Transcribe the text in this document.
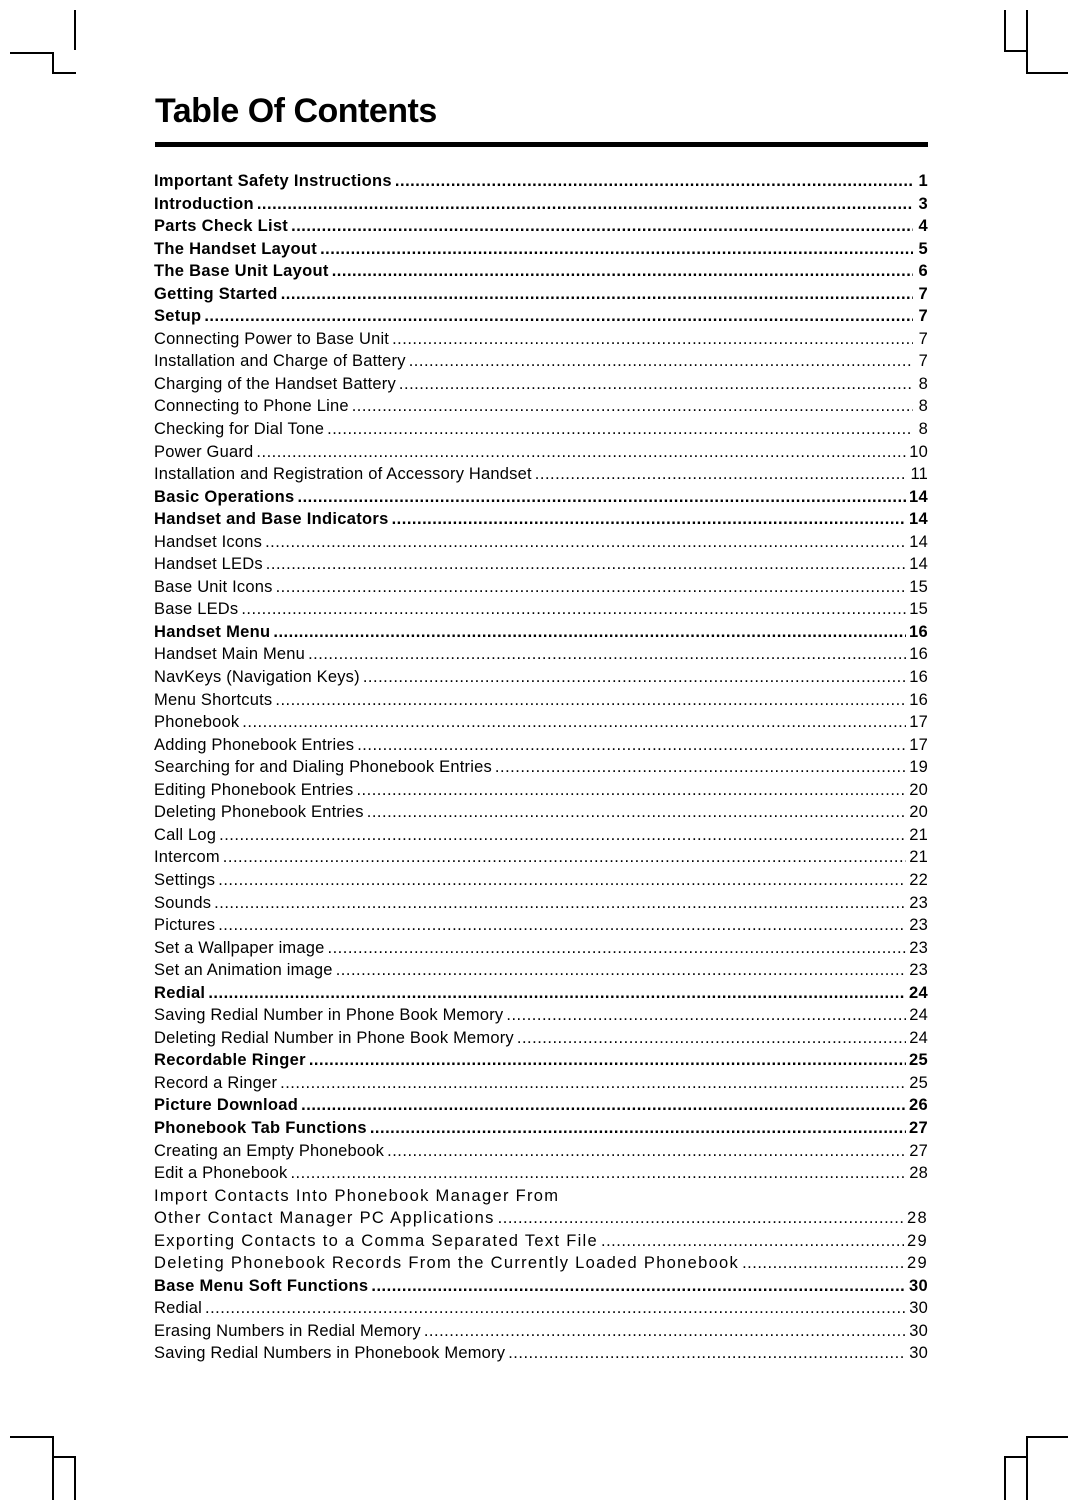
Table Of Contents
Important Safety Instructions .....	1
Introduction .....	3
Parts Check List .....	4
The Handset Layout .....	5
The Base Unit Layout .....	6
Getting Started .....	7
Setup .....	7
Connecting Power to Base Unit .....	7
Installation and Charge of Battery .....	7
Charging of the Handset Battery .....	8
Connecting to Phone Line .....	8
Checking for Dial Tone .....	8
Power Guard .....	10
Installation and Registration of Accessory Handset .....	11
Basic Operations .....	14
Handset and Base Indicators .....	14
Handset Icons .....	14
Handset LEDs .....	14
Base Unit Icons .....	15
Base LEDs .....	15
Handset Menu .....	16
Handset Main Menu .....	16
NavKeys (Navigation Keys) .....	16
Menu Shortcuts .....	16
Phonebook .....	17
Adding Phonebook Entries .....	17
Searching for and Dialing Phonebook Entries .....	19
Editing Phonebook Entries .....	20
Deleting Phonebook Entries .....	20
Call Log .....	21
Intercom .....	21
Settings .....	22
Sounds .....	23
Pictures .....	23
Set a Wallpaper image .....	23
Set an Animation image .....	23
Redial .....	24
Saving Redial Number in Phone Book Memory .....	24
Deleting Redial Number in Phone Book Memory .....	24
Recordable Ringer .....	25
Record a Ringer .....	25
Picture Download .....	26
Phonebook Tab Functions .....	27
Creating an Empty Phonebook .....	27
Edit a Phonebook .....	28
Import Contacts Into Phonebook Manager From
Other Contact Manager PC Applications .....	28
Exporting Contacts to a Comma Separated Text File .....	29
Deleting Phonebook Records From the Currently Loaded Phonebook .....	29
Base Menu Soft Functions .....	30
Redial .....	30
Erasing Numbers in Redial Memory .....	30
Saving Redial Numbers in Phonebook Memory .....	30
